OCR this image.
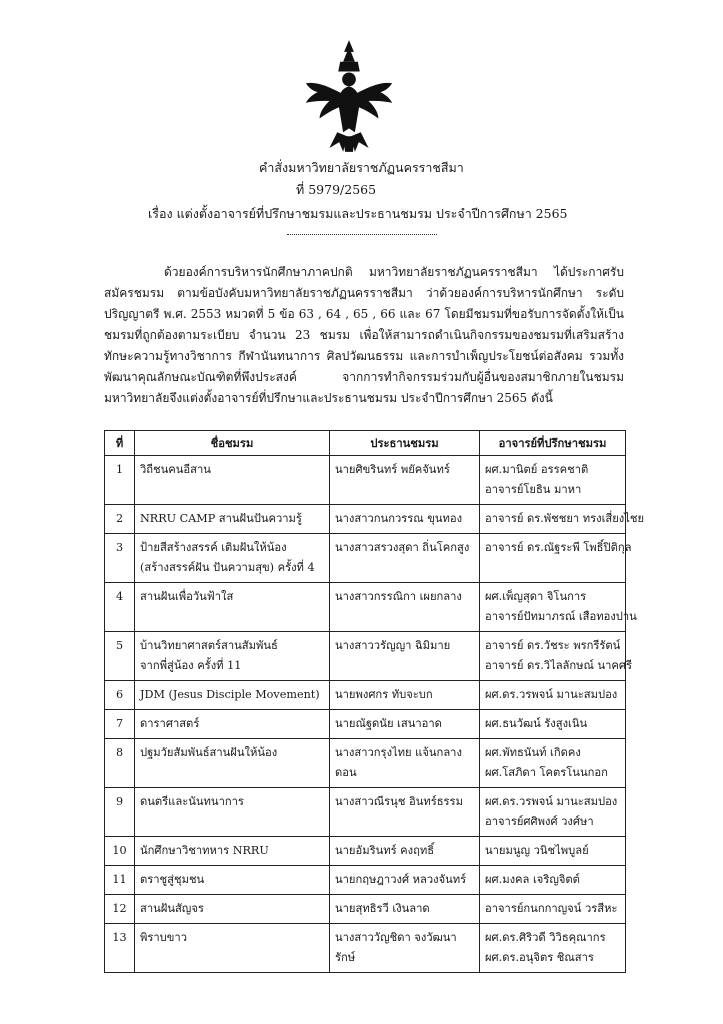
คำสั่งมหาวิทยาลัยราชภัฏนครราชสีมา
ที่ 5979/2565
เรื่อง แต่งตั้งอาจารย์ที่ปรึกษาชมรมและประธานชมรม ประจำปีการศึกษา 2565
ด้วยองค์การบริหารนักศึกษาภาคปกติ มหาวิทยาลัยราชภัฏนครราชสีมา ได้ประกาศรับสมัครชมรม ตามข้อบังคับมหาวิทยาลัยราชภัฏนครราชสีมา ว่าด้วยองค์การบริหารนักศึกษา ระดับปริญญาตรี พ.ศ. 2553 หมวดที่ 5 ข้อ 63 , 64 , 65 , 66 และ 67 โดยมีชมรมที่ขอรับการจัดตั้งให้เป็นชมรมที่ถูกต้องตามระเบียบ จำนวน 23 ชมรม เพื่อให้สามารถดำเนินกิจกรรมของชมรมที่เสริมสร้างทักษะความรู้ทางวิชาการ กีฬานันทนาการ ศิลปวัฒนธรรม และการบำเพ็ญประโยชน์ต่อสังคม รวมทั้งพัฒนาคุณลักษณะบัณฑิตที่พึงประสงค์ จากการทำกิจกรรมร่วมกับผู้อื่นของสมาชิกภายในชมรม มหาวิทยาลัยจึงแต่งตั้งอาจารย์ที่ปรึกษาและประธานชมรม ประจำปีการศึกษา 2565 ดังนี้
ที่	ชื่อชมรม	ประธานชมรม	อาจารย์ที่ปรึกษาชมรม
1	วิถีชนคนอีสาน	นายศิขรินทร์ พยัคจันทร์	ผศ.มานิตย์ อรรคชาติ
อาจารย์โยธิน มาหา

2	NRRU CAMP สานฝันปันความรู้	นางสาวกนกวรรณ ขุนทอง	อาจารย์ ดร.พัชชยา ทรงเสี่ยงไชย

3	ป้ายสีสร้างสรรค์ เติมฝันให้น้อง
(สร้างสรรค์ฝัน ปันความสุข) ครั้งที่ 4	นางสาวสรวงสุดา ถิ่นโคกสูง	อาจารย์ ดร.ณัฐระพี โพธิ์ปิติกุล

4	สานฝันเพื่อวันฟ้าใส	นางสาวกรรณิกา เผยกลาง	ผศ.เพ็ญสุดา จิโนการ
อาจารย์ปัทมาภรณ์ เสือทองปาน

5	บ้านวิทยาศาสตร์สานสัมพันธ์
จากพี่สู่น้อง ครั้งที่ 11	นางสาววรัญญา ฉิมิมาย	อาจารย์ ดร.วัชระ พรกรีรัตน์
อาจารย์ ดร.วิไลลักษณ์ นาคศรี

6	JDM (Jesus Disciple Movement)	นายพงศกร ทับจะบก	ผศ.ดร.วรพจน์ มานะสมปอง

7	ดาราศาสตร์	นายณัฐดนัย เสนาอาด	ผศ.ธนวัฒน์ รังสูงเนิน

8	ปฐมวัยสัมพันธ์สานฝันให้น้อง	นางสาวกรุงไทย แจ้นกลางดอน	ผศ.พัทธนันท์ เกิดคง
ผศ.โสภิดา โคตรโนนกอก

9	ดนตรีและนันทนาการ	นางสาวณีรนุช อินทร์ธรรม	ผศ.ดร.วรพจน์ มานะสมปอง
อาจารย์ศศิพงศ์ วงศ์ษา

10	นักศึกษาวิชาทหาร NRRU	นายอัมรินทร์ คงฤทธิ์	นายมนูญ วนิชไพบูลย์

11	ตราชูสู่ชุมชน	นายกฤษฎาวงศ์ หลวงจันทร์	ผศ.มงคล เจริญจิตต์

12	สานฝันสัญจร	นายสุทธิรวี เงินลาด	อาจารย์กนกกาญจน์ วรสีหะ

13	พิราบขาว	นางสาววัญชิดา จงวัฒนารักษ์	ผศ.ดร.ศิริวดี วิวิธคุณากร
ผศ.ดร.อนุจิตร ชิณสาร
